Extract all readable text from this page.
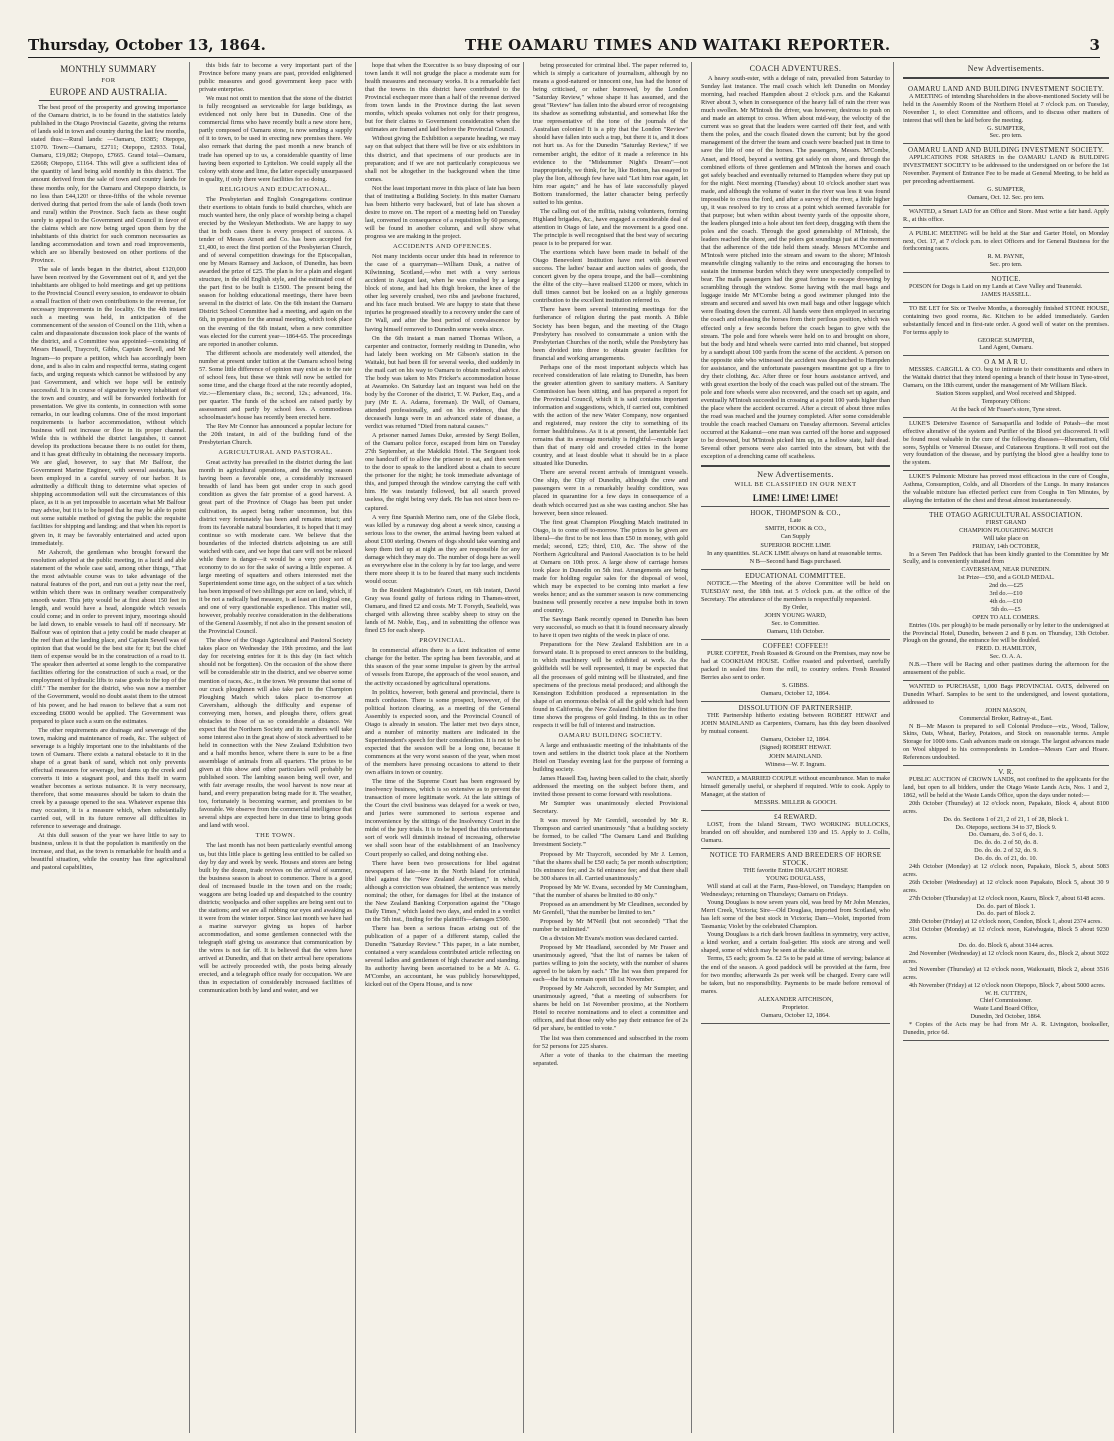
Thursday, October 13, 1864.	THE OAMARU TIMES AND WAITAKI REPORTER.	3
MONTHLY SUMMARY
FOR
EUROPE AND AUSTRALIA.

The best proof of the prosperity and growing importance of the Oamaru district, is to be found in the statistics lately published in the Otago Provincial Gazette, giving the returns of lands sold in town and country during the last few months, stated thus:—Rural lands: —Oamaru, £6385; Otepopo, £1070. Town:—Oamaru, £2711; Otepopo, £2933. Total, Oamaru, £19,082; Otepopo, £7665. Grand total—Oamaru, £2668; Otepopo, £1164. This will give a sufficient idea of the quantity of land being sold monthly in this district. The amount derived from the sale of town and country lands for these months only, for the Oamaru and Otepopo districts, is no less than £44,120! or three-fifths of the whole revenue derived during that period from the sale of lands (both town and rural) within the Province. Such facts as these ought surely to appeal to the Government and Council in favor of the claims which are now being urged upon them by the inhabitants of this district for such common necessaries as landing accommodation and town and road improvements, which are so liberally bestowed on other portions of the Province.

The sale of lands began in the district, about £120,000 have been received by the Government out of it, and yet the inhabitants are obliged to hold meetings and get up petitions to the Provincial Council every session, to endeavor to obtain a small fraction of their own contributions to the revenue, for necessary improvements in the locality. On the 4th instant such a meeting was held, in anticipation of the commencement of the session of Council on the 11th, when a calm and dispassionate discussion took place of the wants of the district, and a Committee was appointed—consisting of Messrs Hassell, Traycroft, Gibbs, Captain Sewell, and Mr Ingram—to prepare a petition, which has accordingly been done, and is also in calm and respectful terms, stating cogent facts, and urging requests which cannot be withstood by any just Government, and which we hope will be entirely successful. It is in course of signature by every inhabitant of the town and country, and will be forwarded forthwith for presentation. We give its contents, in connection with some remarks, in our leading columns. One of the most important requirements is harbor accommodation, without which business will not increase or flow in its proper channel. While this is withheld the district languishes, it cannot develop its productions because there is no outlet for them, and it has great difficulty in obtaining the necessary imports. We are glad, however, to say that Mr Balfour, the Government Marine Engineer, with several assistants, has been employed in a careful survey of our harbor. It is admittedly a difficult thing to determine what species of shipping accommodation will suit the circumstances of this place, as it is as yet impossible to ascertain what Mr Balfour may advise, but it is to be hoped that he may be able to point out some suitable method of giving the public the requisite facilities for shipping and landing; and that when his report is given in, it may be favorably entertained and acted upon immediately.

Mr Ashcroft, the gentleman who brought forward the resolution adopted at the public meeting, in a lucid and able statement of the whole case said, among other things, "That the most advisable course was to take advantage of the natural features of the port, and run out a jetty near the reef, within which there was in ordinary weather comparatively smooth water. This jetty would be at first about 150 feet in length, and would have a head, alongside which vessels could come; and in order to prevent injury, moorings should be laid down, to enable vessels to haul off if necessary. Mr Balfour was of opinion that a jetty could be made cheaper at the reef than at the landing place, and Captain Sewell was of opinion that that would be the best site for it; but the chief item of expense would be in the construction of a road to it. The speaker then adverted at some length to the comparative facilities offering for the construction of such a road, or the employment of hydraulic lifts to raise goods to the top of the cliff." The member for the district, who was now a member of the Government, would no doubt assist them to the utmost of his power, and he had reason to believe that a sum not exceeding £6000 would be applied. The Government was prepared to place such a sum on the estimates.

The other requirements are drainage and sewerage of the town, making and maintenance of roads, &c. The subject of sewerage is a highly important one to the inhabitants of the town of Oamaru. There exists a natural obstacle to it in the shape of a great bank of sand, which not only prevents effectual measures for sewerage, but dams up the creek and converts it into a stagnant pool, and this itself in warm weather becomes a serious nuisance. It is very necessary, therefore, that some measures should be taken to drain the creek by a passage opened to the sea. Whatever expense this may occasion, it is a measure which, when substantially carried out, will in its future remove all difficulties in reference to sewerage and drainage.

At this dull season of the year we have little to say to business, unless it is that the population is manifestly on the increase, and that, as the town is remarkable for health and a beautiful situation, while the country has fine agricultural and pastoral capabilities,

this bids fair to become a very important part of the Province before many years are past, provided enlightened public measures and good government keep pace with private enterprise.

We must not omit to mention that the stone of the district is fully recognised as serviceable for large buildings, as evidenced not only here but in Dunedin. One of the commercial firms who have recently built a new store here, partly composed of Oamaru stone, is now sending a supply of it to town, to be used in erecting new premises there. We also remark that during the past month a new branch of trade has opened up to us, a considerable quantity of lime having been exported to Lyttelton. We could supply all the colony with stone and lime, the latter especially unsurpassed in quality, if only there were facilities for so doing.

RELIGIOUS AND EDUCATIONAL.

The Presbyterian and English Congregations continue their exertions to obtain funds to build churches, which are much wanted here, the only place of worship being a chapel erected by the Wesleyan Methodists. We are happy to say that in both cases there is every prospect of success. A tender of Messrs Arnott and Co. has been accepted for £1,400, to erect the first portion of the Presbyterian Church, and of several competition drawings for the Episcopalian, one by Messrs Ramsey and Jackson, of Dunedin, has been awarded the prize of £25. The plan is for a plain and elegant structure, in the old English style, and the estimated cost of the part first to be built is £1500. The present being the season for holding educational meetings, there have been several in the district of late. On the 6th instant the Oamaru District School Committee had a meeting, and again on the 6th, in preparation for the annual meeting, which took place on the evening of the 6th instant, when a new committee was elected for the current year—1864-65. The proceedings are reported in another column.

The different schools are moderately well attended, the number at present under tuition at the Oamaru school being 57. Some little difference of opinion may exist as to the rate of school fees, but these we think will now be settled for some time, and the charge fixed at the rate recently adopted, viz.:—Elementary class, 8s.; second, 12s.; advanced, 16s. per quarter. The funds of the school are raised partly by assessment and partly by school fees. A commodious schoolmaster's house has recently been erected here.

The Rev Mr Connor has announced a popular lecture for the 20th instant, in aid of the building fund of the Presbyterian Church.

AGRICULTURAL AND PASTORAL.

Great activity has prevailed in the district during the last month in agricultural operations, and the sowing season having been a favorable one, a considerably increased breadth of land has been got under crop in such good condition as gives the fair promise of a good harvest. A great part of the Province of Otago has been put under cultivation, its aspect being rather uncommon, but this district very fortunately has been and remains intact; and from its favorable natural boundaries, it is hoped that it may continue so with moderate care. We believe that the boundaries of the infected districts adjoining us are still watched with care, and we hope that care will not be relaxed while there is danger—it would be a very poor sort of economy to do so for the sake of saving a little expense. A large meeting of squatters and others interested met the Superintendent some time ago, on the subject of a tax which has been imposed of two shillings per acre on land, which, if it be not a radically bad measure, is at least an illogical one, and one of very questionable expedience. This matter will, however, probably receive consideration in the deliberations of the General Assembly, if not also in the present session of the Provincial Council.

The show of the Otago Agricultural and Pastoral Society takes place on Wednesday the 19th proximo, and the last day for receiving entries for it is this day (in fact which should not be forgotten). On the occasion of the show there will be considerable stir in the district, and we observe some mention of races, &c., in the town. We presume that some of our crack ploughmen will also take part in the Champion Ploughing Match which takes place to-morrow at Caversham, although the difficulty and expense of conveying men, horses, and ploughs there, offers great obstacles to those of us so considerable a distance. We expect that the Northern Society and its members will take some interest also in the great show of stock advertised to be held in connection with the New Zealand Exhibition two and a half months hence, where there is sure to be a fine assemblage of animals from all quarters. The prizes to be given at this show and other particulars will probably be published soon. The lambing season being well over, and with fair average results, the wool harvest is now near at hand, and every preparation being made for it. The weather, too, fortunately is becoming warmer, and promises to be favorable. We observe from the commercial intelligence that several ships are expected here in due time to bring goods and land with wool.

THE TOWN.

The last month has not been particularly eventful among us, but this little place is getting less entitled to be called so day by day and week by week. Houses and stores are being built by the dozen, trade revives on the arrival of summer, the business season is about to commence. There is a good deal of increased bustle in the town and on the roads; waggons are being loaded up and despatched to the country districts; woolpacks and other supplies are being sent out to the stations; and we are all rubbing our eyes and awaking as it were from the winter torpor. Since last month we have had a marine surveyor giving us hopes of harbor accommodation, and some gentlemen connected with the telegraph staff giving us assurance that communication by the wires is not far off. It is believed that the wires have arrived at Dunedin, and that on their arrival here operations will be actively proceeded with, the posts being already erected, and a telegraph office ready for occupation. We are thus in expectation of considerably increased facilities of communication both by land and water, and we

hope that when the Executive is so busy disposing of our town lands it will not grudge the place a moderate sum for health measures and necessary works. It is a remarkable fact that the towns in this district have contributed to the Provincial exchequer more than a half of the revenue derived from town lands in the Province during the last seven months, which speaks volumes not only for their progress, but for their claims to Government consideration when the estimates are framed and laid before the Provincial Council.

Without giving the Exhibition a separate heading, we may say on that subject that there will be five or six exhibitors in this district, and that specimens of our products are in preparation; and if we are not particularly conspicuous we shall not be altogether in the background when the time comes.

Not the least important move in this place of late has been that of instituting a Building Society. In this matter Oamaru has been hitherto very backward, but of late has shown a desire to move on. The report of a meeting held on Tuesday last, convened in consequence of a requisition by 60 persons, will be found in another column, and will show what progress we are making in the project.

ACCIDENTS AND OFFENCES.

Not many incidents occur under this head in reference to the case of a quarryman—William Dusk, a native of Kilwinning, Scotland,—who met with a very serious accident in August last, when he was crushed by a large block of stone, and had his thigh broken, the knee of the other leg severely crushed, two ribs and jawbone fractured, and his face much bruised. We are happy to state that these injuries he progressed steadily to a recovery under the care of Dr Wall, and after the best period of convalescence by having himself removed to Dunedin some weeks since.

On the 6th instant a man named Thomas Wilson, a carpenter and contractor, formerly residing in Dunedin, who had lately been working on Mr Gibson's station in the Waitaki, but had been ill for several weeks, died suddenly in the mail cart on his way to Oamaru to obtain medical advice. The body was taken to Mrs Fricker's accommodation house at Awamoko. On Saturday last an inquest was held on the body by the Coroner of the district, T. W. Parker, Esq., and a jury (Mr E. A. Adams, foreman). Dr Wall, of Oamaru, attended professionally, and on his evidence, that the deceased's lungs were in an advanced state of disease, a verdict was returned "Died from natural causes."

A prisoner named James Duke, arrested by Sergt Bollen, of the Oamaru police force, escaped from him on Tuesday 27th September, at the Makikiki Hotel. The Sergeant took one handcuff off to allow the prisoner to eat, and then went to the door to speak to the landlord about a chain to secure the prisoner for the night; he took immediate advantage of this, and jumped through the window carrying the cuff with him. He was instantly followed, but all search proved useless, the night being very dark. He has not since been re-captured.

A very fine Spanish Merino ram, one of the Glebe flock, was killed by a runaway dog about a week since, causing a serious loss to the owner, the animal having been valued at about £100 sterling. Owners of dogs should take warning and keep them tied up at night as they are responsible for any damage which they may do. The number of dogs here as well as everywhere else in the colony is by far too large, and were there more sheep it is to be feared that many such incidents would occur.

In the Resident Magistrate's Court, on 6th instant, David Gray was found guilty of furious riding in Thames-street, Oamaru, and fined £2 and costs. Mr T. Forsyth, Seafield, was charged with allowing three scabby sheep to stray on the lands of M. Noble, Esq., and in submitting the offence was fined £5 for each sheep.

PROVINCIAL.

In commercial affairs there is a faint indication of some change for the better. The spring has been favorable, and at this season of the year some impulse is given by the arrival of vessels from Europe, the approach of the wool season, and the activity occasioned by agricultural operations.

In politics, however, both general and provincial, there is much confusion. There is some prospect, however, of the political horizon clearing, as a meeting of the General Assembly is expected soon, and the Provincial Council of Otago is already in session. The latter met two days since, and a number of minority matters are indicated in the Superintendent's speech for their consideration. It is not to be expected that the session will be a long one, because it commences at the very worst season of the year, when most of the members have pressing occasions to attend to their own affairs in town or country.

The time of the Supreme Court has been engrossed by insolvency business, which is so extensive as to prevent the transaction of more legitimate work. At the late sittings of the Court the civil business was delayed for a week or two, and juries were summoned to serious expense and inconvenience by the sittings of the Insolvency Court in the midst of the jury trials. It is to be hoped that this unfortunate sort of work will diminish instead of increasing, otherwise we shall soon hear of the establishment of an Insolvency Court properly so called, and doing nothing else.

There have been two prosecutions for libel against newspapers of late—one in the North Island for criminal libel against the "New Zealand Advertiser," in which, although a conviction was obtained, the sentence was merely nominal; the other, for damages for libel at the instance of the New Zealand Banking Corporation against the "Otago Daily Times," which lasted two days, and ended in a verdict on the 5th inst., finding for the plaintiffs—damages £500.

There has been a serious fracas arising out of the publication of a paper of a different stamp, called the Dunedin "Saturday Review." This paper, in a late number, contained a very scandalous contributed article reflecting on several ladies and gentlemen of high character and standing. Its authority having been ascertained to be a Mr A. G. M'Combe, an accountant, he was publicly horsewhipped, kicked out of the Opera House, and is now

being prosecuted for criminal libel. The paper referred to, which is simply a caricature of journalism, although by no means a good-natured or innocent one, has had the honor of being criticised, or rather burrowed, by the London "Saturday Review," whose shape it has assumed, and the great "Review" has fallen into the absurd error of recognising its shadow as something substantial, and somewhat like the true representative of the tone of the journals of the Australian colonies! It is a pity that the London "Review" should have fallen into such a trap, but there it is, and it does not hurt us. As for the Dunedin "Saturday Review," if we remember aright, the editor of it made a reference in his evidence to the "Midsummer Night's Dream"—not inappropriately, we think, for he, like Bottom, has essayed to play the lion, although few have said "Let him roar again, let him roar again;" and he has of late successfully played Bottom transformed, the latter character being perfectly suited to his genius.

The calling out of the militia, raising volunteers, forming Highland brigades, &c., have engaged a considerable deal of attention in Otago of late, and the movement is a good one. The principle is well recognised that the best way of securing peace is to be prepared for war.

The exertions which have been made in behalf of the Otago Benevolent Institution have met with deserved success. The ladies' bazaar and auction sales of goods, the concert given by the opera troupe, and the ball—combining the élite of the city—have realised £1200 or more, which in dull times cannot but be looked on as a highly generous contribution to the excellent institution referred to.

There have been several interesting meetings for the furtherance of religion during the past month. A Bible Society has been begun, and the meeting of the Otago Presbytery has resolved to consummate a union with the Presbyterian Churches of the north, while the Presbytery has been divided into three to obtain greater facilities for financial and working arrangements.

Perhaps one of the most important subjects which has received consideration of late relating to Dunedin, has been the greater attention given to sanitary matters. A Sanitary Commission has been sitting, and has prepared a report for the Provincial Council, which it is said contains important information and suggestions, which, if carried out, combined with the action of the new Water Company, now organised and registered, may restore the city to something of its former healthfulness. As it is at present, the lamentable fact remains that its average mortality is frightful—much larger than that of many old and crowded cities in the home country, and at least double what it should be in a place situated like Dunedin.

There are several recent arrivals of immigrant vessels. One ship, the City of Dunedin, although the crew and passengers were in a remarkably healthy condition, was placed in quarantine for a few days in consequence of a death which occurred just as she was casting anchor. She has however, been since released.

The first great Champion Ploughing Match instituted in Otago, is to come off to-morrow. The prizes to be given are liberal—the first to be not less than £50 in money, with gold medal; second, £25; third, £10, &c. The show of the Northern Agricultural and Pastoral Association is to be held at Oamaru on 10th prox. A large show of carriage horses took place in Dunedin on 5th inst. Arrangements are being made for holding regular sales for the disposal of wool, which may be expected to be coming into market a few weeks hence; and as the summer season is now commencing business will presently receive a new impulse both in town and country.

The Savings Bank recently opened in Dunedin has been very successful, so much so that it is found necessary already to have it open two nights of the week in place of one.

Preparations for the New Zealand Exhibition are in a forward state. It is proposed to erect annexes to the building, in which machinery will be exhibited at work. As the goldfields will be well represented, it may be expected that all the processes of gold mining will be illustrated, and fine specimens of the precious metal produced; and although the Kensington Exhibition produced a representation in the shape of an enormous obelisk of all the gold which had been found in California, the New Zealand Exhibition for the first time shows the progress of gold finding. In this as in other respects it will be full of interest and instruction.

OAMARU BUILDING SOCIETY.

A large and enthusiastic meeting of the inhabitants of the town and settlers in the district took place at the Northern Hotel on Tuesday evening last for the purpose of forming a building society.

James Hassell Esq, having been called to the chair, shortly addressed the meeting on the subject before them, and invited those present to come forward with resolutions.

Mr Sumpter was unanimously elected Provisional Secretary.

It was moved by Mr Grenfell, seconded by Mr R. Thompson and carried unanimously "that a building society be formed, to be called 'The Oamaru Land and Building Investment Society.'"

Proposed by Mr Traycroft, seconded by Mr J. Lemon, "that the shares shall be £50 each; 5s per month subscription; 10s entrance fee; and 2s 6d entrance fee; and that there shall be 300 shares in all. Carried unanimously."

Proposed by Mr W. Evans, seconded by Mr Cunningham, "that the number of shares be limited to 80 only."

Proposed as an amendment by Mr Cleudinen, seconded by Mr Grenfell, "that the number be limited to ten."

Proposed by Mr M'Neill (but not seconded) "That the number be unlimited."

On a division Mr Evans's motion was declared carried.

Proposed by Mr Headland, seconded by Mr Fraser and unanimously agreed, "that the list of names be taken of parties willing to join the society, with the number of shares agreed to be taken by each." The list was then prepared for each—the list to remain open till 1st November.

Proposed by Mr Ashcroft, seconded by Mr Sumpter, and unanimously agreed, "that a meeting of subscribers for shares be held on 1st November proximo, at the Northern Hotel to receive nominations and to elect a committee and officers, and that those only who pay their entrance fee of 2s 6d per share, be entitled to vote."

The list was then commenced and subscribed in the room for 52 persons for 225 shares.

After a vote of thanks to the chairman the meeting separated.

COACH ADVENTURES.

A heavy south-ester, with a deluge of rain, prevailed from Saturday to Sunday last instance. The mail coach which left Dunedin on Monday morning, had reached Hampden about 2 o'clock p.m. and the Kakanui River about 3, when in consequence of the heavy fall of rain the river was much swollen. Mr M'Intosh the driver, was however, desirous to push on and made an attempt to cross. When about mid-way, the velocity of the current was so great that the leaders were carried off their feet, and with them the poles, and the coach floated down the current; but by the good management of the driver the team and coach were beached just in time to save the life of one of the horses. The passengers, Messrs. M'Combe, Anset, and Hood, beyond a wetting got safely on shore, and through the combined efforts of three gentlemen and M'Intosh the horses and coach got safely beached and eventually returned to Hampden where they put up for the night. Next morning (Tuesday) about 10 o'clock another start was made, and although the volume of water in the river was less it was found impossible to cross the ford, and after a survey of the river, a little higher up, it was resolved to try to cross at a point which seemed favorable for that purpose; but when within about twenty yards of the opposite shore, the leaders plunged into a hole about ten feet deep, dragging with them the poles and the coach. Through the good generalship of M'Intosh, the leaders reached the shore, and the polers got soundings just at the moment that the adherence of the tide held them steady. Messrs M'Combe and M'Intosh were pitched into the stream and swam to the shore; M'Intosh meanwhile clinging valiantly to the reins and encouraging the horses to sustain the immense burden which they were unexpectedly compelled to bear. The mails passengers had the great fortune to escape drowning by scrambling through the window. Some having with the mail bags and luggage inside Mr M'Combe being a good swimmer plunged into the stream and secured and saved his own mail bags and other luggage which were floating down the current. All hands were then employed in securing the coach and releasing the horses from their perilous position, which was effected only a few seconds before the coach began to give with the stream. The pole and fore wheels were held on to and brought on shore, but the body and hind wheels were carried into mid channel, but stopped by a sandspit about 100 yards from the scene of the accident. A person on the opposite side who witnessed the accident was despatched to Hampden for assistance, and the unfortunate passengers meantime got up a fire to dry their clothing, &c. After three or four hours assistance arrived, and with great exertion the body of the coach was pulled out of the stream. The pole and fore wheels were also recovered, and the coach set up again, and eventually M'Intosh succeeded in crossing at a point 100 yards higher than the place where the accident occurred. After a circuit of about three miles the road was reached and the journey completed. After some considerable trouble the coach reached Oamaru on Tuesday afternoon. Several articles occurred at the Kakanui—one man was carried off the horse and supposed to be drowned, but M'Intosh picked him up, in a hollow state, half dead. Several other persons were also carried into the stream, but with the exception of a drenching came off scatheless.

New Advertisements.
WILL BE CLASSIFIED IN OUR NEXT
LIME! LIME! LIME!
HOOK, THOMPSON & CO.,
Late
SMITH, HOOK & CO.,
Can Supply
SUPERIOR ROCHE LIME
In any quantities. SLACK LIME always on hand at reasonable terms.
N B—Second hand Bags purchased.
EDUCATIONAL COMMITTEE.
NOTICE.—The Meeting of the above Committee will be held on TUESDAY next, the 18th inst. at 5 o'clock p.m. at the office of the Secretary. The attendance of the members is respectfully requested.
By Order,
JOHN YOUNG WARD,
Sec. to Committee.
Oamaru, 11th October.
COFFEE! COFFEE!!
PURE COFFEE, Fresh Roasted & Ground on the Premises, may now be had at COOKHAM HOUSE. Coffee roasted and pulverised, carefully packed in sealed tins from the mill, to country orders. Fresh Roasted Berries also sent to order.
S. GIBBS.
Oamaru, October 12, 1864.
DISSOLUTION OF PARTNERSHIP.
THE Partnership hitherto existing between ROBERT HEWAT and JOHN MAINLAND as Carpenters, Oamaru, has this day been dissolved by mutual consent.
Oamaru, October 12, 1864.
(Signed) ROBERT HEWAT.
JOHN MAINLAND.
Witness—W. F. Ingram.
WANTED, a MARRIED COUPLE without encumbrance. Man to make himself generally useful, or shepherd if required. Wife to cook. Apply to Manager, at the station of
MESSRS. MILLER & GOOCH.
£4 REWARD.
LOST, from the Island Stream, TWO WORKING BULLOCKS, branded on off shoulder, and numbered 139 and 15. Apply to J. Collis, Oamaru.
NOTICE TO FARMERS AND BREEDERS OF HORSE STOCK.
THE favorite Entire DRAUGHT HORSE
YOUNG DOUGLASS,
Will stand at call at the Farm, Pass-blowel, on Tuesdays; Hampden on Wednesdays; returning on Thursdays; Oamaru on Fridays.
Young Douglass is now seven years old, was bred by Mr John Menzies, Merri Creek, Victoria; Sire—Old Douglass, imported from Scotland, who has left some of the best stock in Victoria; Dam—Violet, imported from Tasmania; Violet by the celebrated Champion.
Young Douglass is a rich dark brown faultless in symmetry, very active, a kind worker, and a certain foal-getter. His stock are strong and well shaped, some of which may be seen at the stable.
Terms, £5 each; groom 5s. £2 5s to be paid at time of serving; balance at the end of the season. A good paddock will be provided at the farm, free for two months; afterwards 2s per week will be charged. Every care will be taken, but no responsibility. Payments to be made before removal of mares.
ALEXANDER AITCHISON,
Proprietor.
Oamaru, October 12, 1864.
New Advertisements.
OAMARU LAND AND BUILDING INVESTMENT SOCIETY.
A MEETING of intending Shareholders in the above-mentioned Society will be held in the Assembly Room of the Northern Hotel at 7 o'clock p.m. on Tuesday, November 1, to elect Committee and officers, and to discuss other matters of interest that will then be laid before the meeting.
G. SUMPTER,
Sec. pro tem.
OAMARU LAND AND BUILDING INVESTMENT SOCIETY.
APPLICATIONS FOR SHARES in the OAMARU LAND & BUILDING INVESTMENT SOCIETY to be addressed to the undersigned on or before the 1st November. Payment of Entrance Fee to be made at General Meeting, to be held as per preceding advertisement.
G. SUMPTER,
Oamaru, Oct. 12. Sec. pro tem.
WANTED, a Smart LAD for an Office and Store. Must write a fair hand. Apply R., at this office.
A PUBLIC MEETING will be held at the Star and Garter Hotel, on Monday next, Oct. 17, at 7 o'clock p.m. to elect Officers and for General Business for the forthcoming races.
R. M. PAYNE,
Sec. pro tem.
NOTICE.
POISON for Dogs is Laid on my Lands at Cave Valley and Teaneraki.
JAMES HASSELL.
TO BE LET for Six or Twelve Months, a thoroughly finished STONE HOUSE, containing two good rooms, &c. Kitchen to be added immediately. Garden substantially fenced and in first-rate order. A good well of water on the premises. For terms apply to
GEORGE SUMPTER,
Land Agent, Oamaru.
O A M A R U.
MESSRS. CARGILL & CO. beg to intimate to their constituents and others in the Waitaki district that they intend opening a branch of their house in Tyne-street, Oamaru, on the 18th current, under the management of Mr William Black.
Station Stores supplied, and Wool received and Shipped.
Temporary Offices:
At the back of Mr Fraser's store, Tyne street.
LUKE'S Detersive Essence of Sarsaparilla and Iodide of Potash—the most effective alterative of the system and Purifier of the Blood yet discovered. It will be found most valuable in the cure of the following diseases—Rheumatism, Old sores, Syphilis or Venereal Disease, and Cutaneous Eruptions. It will root out the very foundation of the disease, and by purifying the blood give a healthy tone to the system.
LUKE'S Pulmonic Mixture has proved most efficacious in the cure of Coughs, Asthma, Consumption, Colds, and all Disorders of the Lungs. In many instances the valuable mixture has effected perfect cure from Coughs in Ten Minutes, by allaying the irritation of the chest and throat almost instantaneously.
THE OTAGO AGRICULTURAL ASSOCIATION.
FIRST GRAND
CHAMPION PLOUGHING MATCH
Will take place on
FRIDAY, 14th OCTOBER,
In a Seven Ten Paddock that has been kindly granted to the Committee by Mr Scully, and is conveniently situated from
CAVERSHAM, NEAR DUNEDIN.
1st Prize—£50, and a GOLD MEDAL.
2nd do.—£25
3rd do.—£10
4th do.—£10
5th do.—£5
OPEN TO ALL COMERS.
Entries (10s. per plough) to be made personally or by letter to the undersigned at the Provincial Hotel, Dunedin, between 2 and 8 p.m. on Thursday, 13th October. Plough on the ground, the entrance fee will be doubled.
FRED. D. HAMILTON,
Sec. O. A. A.
N.B.—There will be Racing and other pastimes during the afternoon for the amusement of the public.
WANTED to PURCHASE, 1,000 Bags PROVINCIAL OATS, delivered on Dunedin Wharf. Samples to be sent to the undersigned, and lowest quotations, addressed to
JOHN MASON,
Commercial Broker, Rattray-st., East.
N B—Mr Mason is prepared to sell Colonial Produce—viz., Wood, Tallow, Skins, Oats, Wheat, Barley, Potatoes, and Stock on reasonable terms. Ample Storage for 1000 tons. Cash advances made on storage. The largest advances made on Wool shipped to his correspondents in London—Messrs Carr and Hoare. References undoubted.
V. R.
PUBLIC AUCTION of CROWN LANDS, not confined to the applicants for the land, but open to all bidders, under the Otago Waste Lands Acts, Nos. 1 and 2, 1862, will be held at the Waste Lands Office, upon the days under noted:—
20th October (Thursday) at 12 o'clock noon, Papakaio, Block 4, about 8100 acres.
Do. do. Sections 1 of 21, 2 of 21, 1 of 28, Block 1.
Do. Otepopo, sections 34 to 37, Block 9.
Do. Oamaru, do. 3 of 6, do. 1.
Do. do. do. 2 of 50, do. 8.
Do. do. do. 2 of 32, do. 9.
Do. do. do. of 21, do. 10.
24th October (Monday) at 12 o'clock noon, Papakaio, Block 5, about 5083 acres.
26th October (Wednesday) at 12 o'clock noon Papakaio, Block 5, about 30 9 acres.
27th October (Thursday) at 12 o'clock noon, Kauru, Block 7, about 6148 acres.
Do. do. part of Block 1.
Do. do. part of Block 2.
28th October (Friday) at 12 o'clock noon, Condon, Block 1, about 2374 acres.
31st October (Monday) at 12 o'clock noon, Kaiwhugaia, Block 5 about 9230 acres.
Do. do. do. Block 6, about 3144 acres.
2nd November (Wednesday) at 12 o'clock noon Kauru, do., Block 2, about 3022 acres.
3rd November (Thursday) at 12 o'clock noon, Waikouaiti, Block 2, about 3516 acres.
4th November (Friday) at 12 o'clock noon Otepopo, Block 7, about 5000 acres.
W. H. CUTTEN,
Chief Commissioner.
Waste Land Board Office,
Dunedin, 3rd October, 1864.
* Copies of the Acts may be had from Mr A. R. Livingston, bookseller, Dunedin, price 6d.
